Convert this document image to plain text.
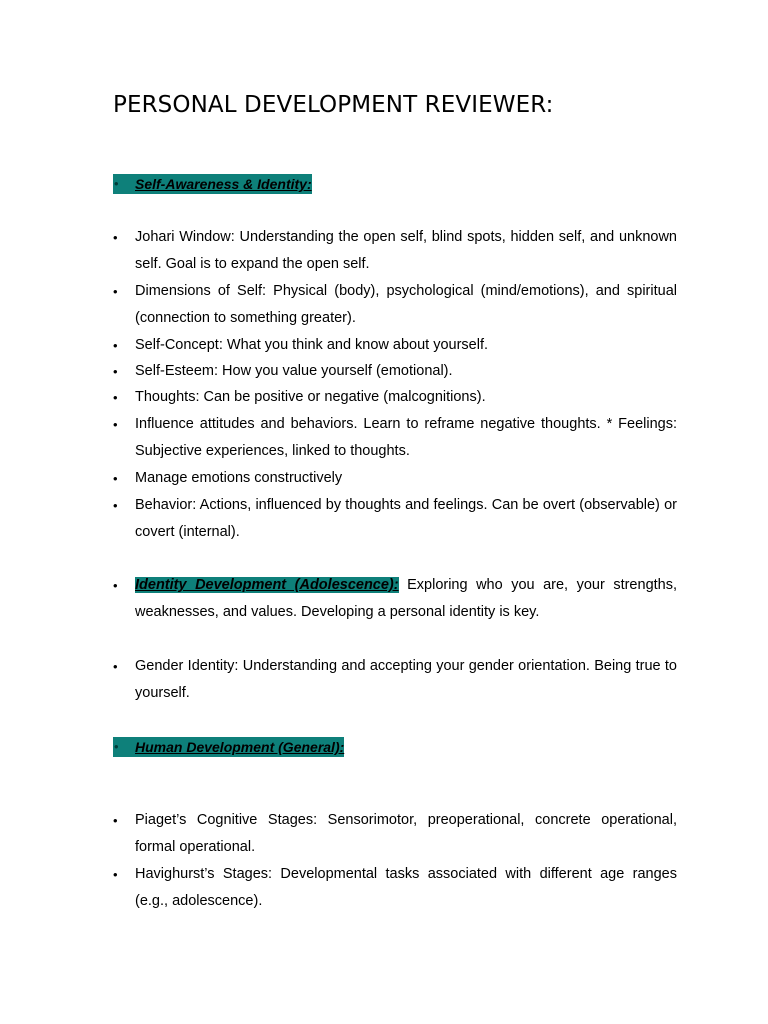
PERSONAL DEVELOPMENT REVIEWER:
• Self-Awareness & Identity:
•	Johari Window: Understanding the open self, blind spots, hidden self, and unknown self. Goal is to expand the open self.
•	Dimensions of Self: Physical (body), psychological (mind/emotions), and spiritual (connection to something greater).
•	Self-Concept: What you think and know about yourself.
•	Self-Esteem: How you value yourself (emotional).
•	Thoughts: Can be positive or negative (malcognitions).
•	Influence attitudes and behaviors. Learn to reframe negative thoughts. * Feelings: Subjective experiences, linked to thoughts.
•	Manage emotions constructively
•	Behavior: Actions, influenced by thoughts and feelings. Can be overt (observable) or covert (internal).
•	Identity Development (Adolescence): Exploring who you are, your strengths, weaknesses, and values. Developing a personal identity is key.
•	Gender Identity: Understanding and accepting your gender orientation. Being true to yourself.
• Human Development (General):
•	Piaget’s Cognitive Stages: Sensorimotor, preoperational, concrete operational, formal operational.
•	Havighurst’s Stages: Developmental tasks associated with different age ranges (e.g., adolescence).
